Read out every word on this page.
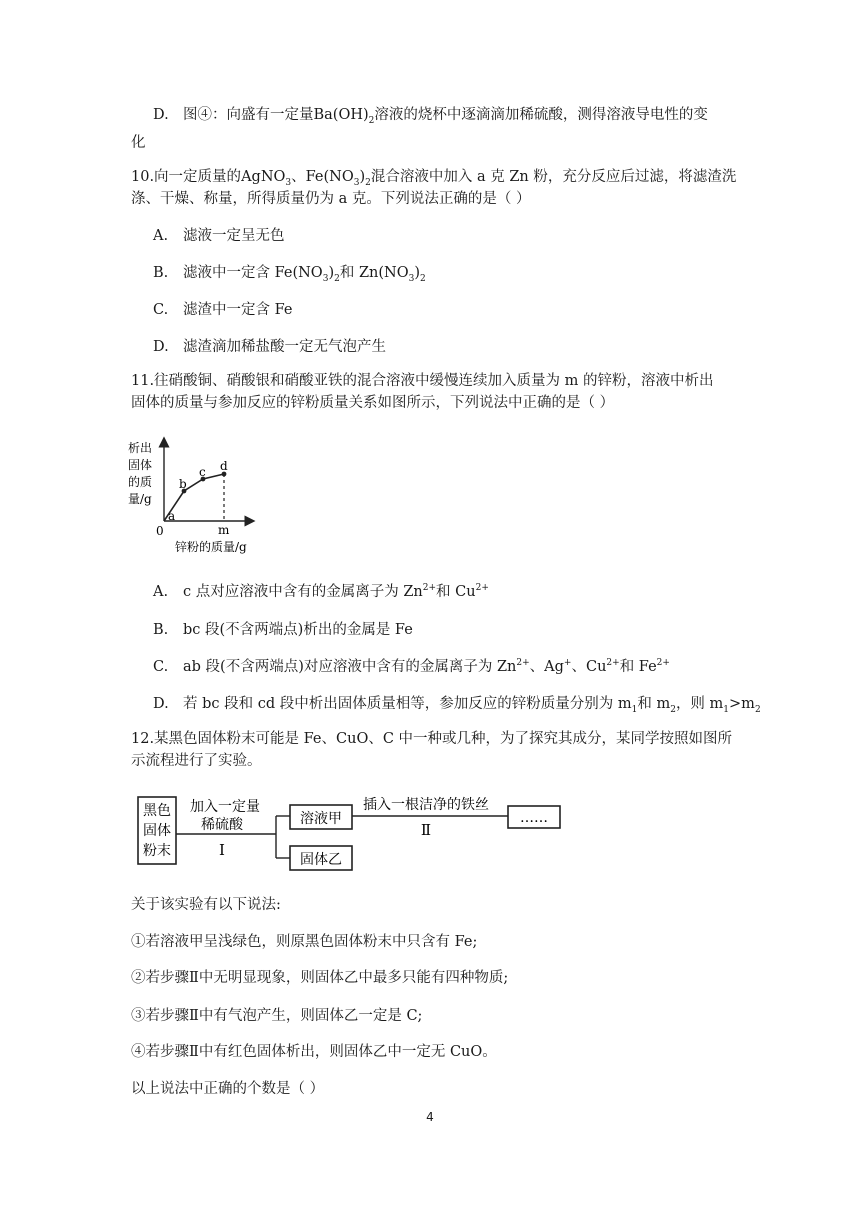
D. 图④：向盛有一定量$Ba(OH)_2$溶液的烧杯中逐滴滴加稀硫酸，测得溶液导电性的变
化
10.向一定质量的AgNO$_3$、$Fe(NO_3)_2$混合溶液中加入 a 克 Zn 粉，充分反应后过滤，将滤渣洗
涤、干燥、称量，所得质量仍为 a 克。下列说法正确的是（ ）
A. 滤液一定呈无色
B. 滤液中一定含 $Fe(NO_3)_2$和 $Zn(NO_3)_2$
C. 滤渣中一定含 Fe
D. 滤渣滴加稀盐酸一定无气泡产生
11.往硝酸铜、硝酸银和硝酸亚铁的混合溶液中缓慢连续加入质量为 m 的锌粉，溶液中析出
固体的质量与参加反应的锌粉质量关系如图所示，下列说法中正确的是（ ）
析出
固体
的质
量/g
a
b
c d
0	m
锌粉的质量/g
A. c 点对应溶液中含有的金属离子为 $Zn^{2+}$和 $Cu^{2+}$
B. bc 段(不含两端点)析出的金属是 Fe
C. ab 段(不含两端点)对应溶液中含有的金属离子为 $Zn^{2+}$、Ag+、$Cu^{2+}$和 $Fe^{2+}$
D. 若 bc 段和 cd 段中析出固体质量相等，参加反应的锌粉质量分别为 $m_1$和 $m_2$，则 $m_1>m_2$
12.某黑色固体粉末可能是 Fe、CuO、C 中一种或几种，为了探究其成分，某同学按照如图所
示流程进行了实验。
黑色
固体
粉末
加入一定量
稀硫酸
I
溶液甲
固体乙
插入一根洁净的铁丝
Ⅱ
……
关于该实验有以下说法:
①若溶液甲呈浅绿色，则原黑色固体粉末中只含有 Fe;
②若步骤Ⅱ中无明显现象，则固体乙中最多只能有四种物质;
③若步骤Ⅱ中有气泡产生，则固体乙一定是 C;
④若步骤Ⅱ中有红色固体析出，则固体乙中一定无 CuO。
以上说法中正确的个数是（ ）
4
